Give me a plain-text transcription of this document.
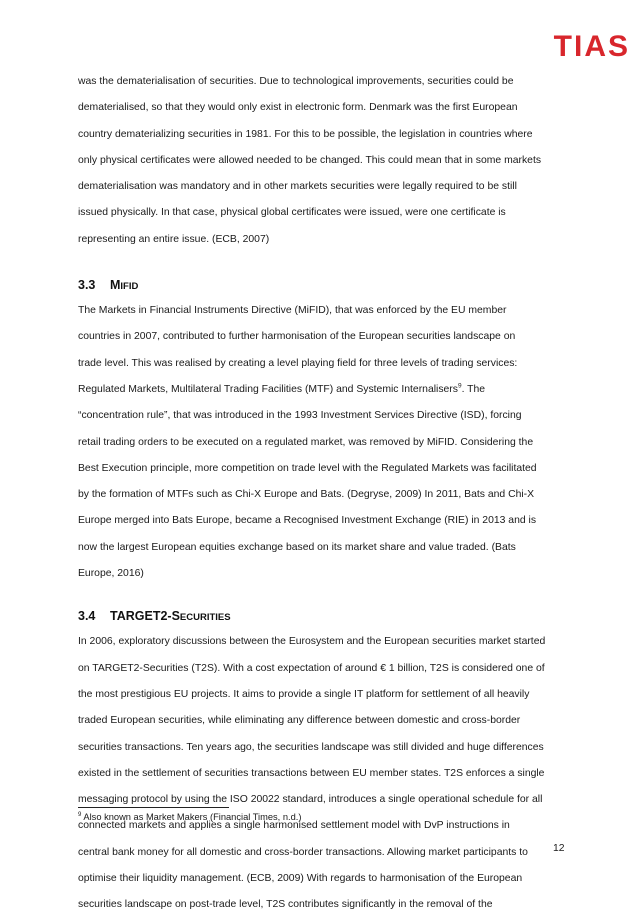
TIAS
was the dematerialisation of securities. Due to technological improvements, securities could be
dematerialised, so that they would only exist in electronic form. Denmark was the first European
country dematerializing securities in 1981. For this to be possible, the legislation in countries where
only physical certificates were allowed needed to be changed. This could mean that in some markets
dematerialisation was mandatory and in other markets securities were legally required to be still
issued physically. In that case, physical global certificates were issued, were one certificate is
representing an entire issue. (ECB, 2007)
3.3 MIFID
The Markets in Financial Instruments Directive (MiFID), that was enforced by the EU member
countries in 2007, contributed to further harmonisation of the European securities landscape on
trade level. This was realised by creating a level playing field for three levels of trading services:
Regulated Markets, Multilateral Trading Facilities (MTF) and Systemic Internalisers$^9$. The
“concentration rule”, that was introduced in the 1993 Investment Services Directive (ISD), forcing
retail trading orders to be executed on a regulated market, was removed by MiFID. Considering the
Best Execution principle, more competition on trade level with the Regulated Markets was facilitated
by the formation of MTFs such as Chi-X Europe and Bats. (Degryse, 2009) In 2011, Bats and Chi-X
Europe merged into Bats Europe, became a Recognised Investment Exchange (RIE) in 2013 and is
now the largest European equities exchange based on its market share and value traded. (Bats
Europe, 2016)
3.4 TARGET2-SECURITIES
In 2006, exploratory discussions between the Eurosystem and the European securities market started
on TARGET2-Securities (T2S). With a cost expectation of around € 1 billion, T2S is considered one of
the most prestigious EU projects. It aims to provide a single IT platform for settlement of all heavily
traded European securities, while eliminating any difference between domestic and cross-border
securities transactions. Ten years ago, the securities landscape was still divided and huge differences
existed in the settlement of securities transactions between EU member states. T2S enforces a single
messaging protocol by using the ISO 20022 standard, introduces a single operational schedule for all
connected markets and applies a single harmonised settlement model with DvP instructions in
central bank money for all domestic and cross-border transactions. Allowing market participants to
optimise their liquidity management. (ECB, 2009) With regards to harmonisation of the European
securities landscape on post-trade level, T2S contributes significantly in the removal of the
$^9$ Also known as Market Makers (Financial Times, n.d.)
12
